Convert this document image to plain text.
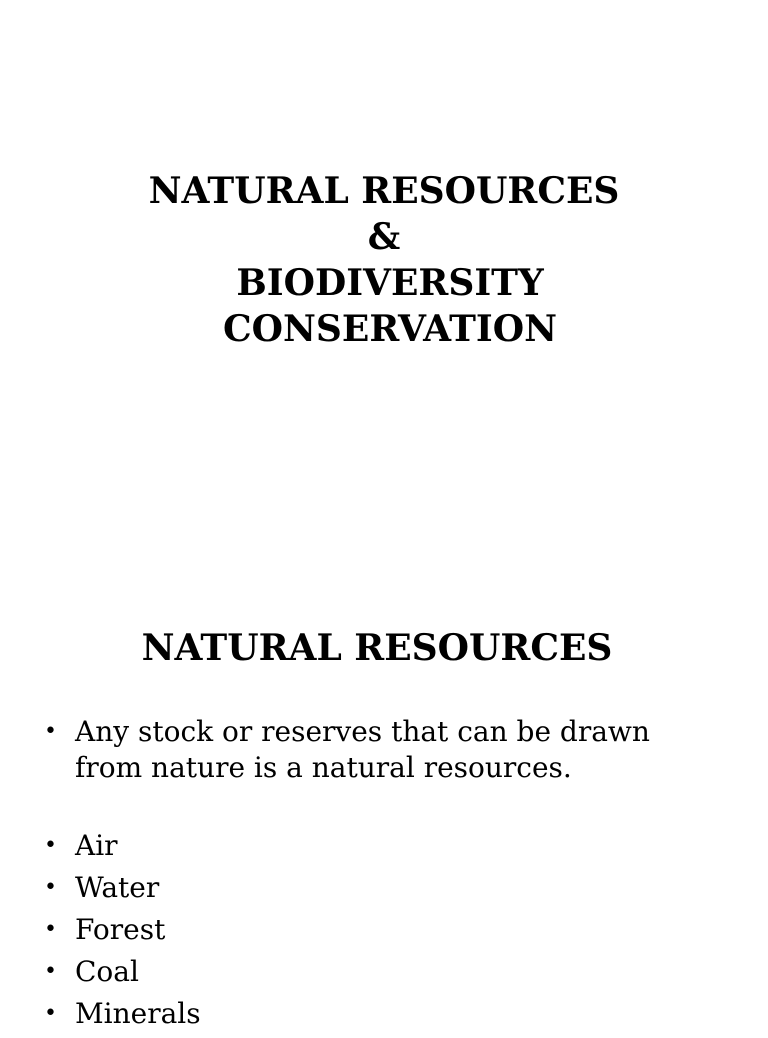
NATURAL RESOURCES
&
BIODIVERSITY
CONSERVATION
NATURAL RESOURCES
• Any stock or reserves that can be drawn
from nature is a natural resources.
• Air
• Water
• Forest
• Coal
• Minerals
